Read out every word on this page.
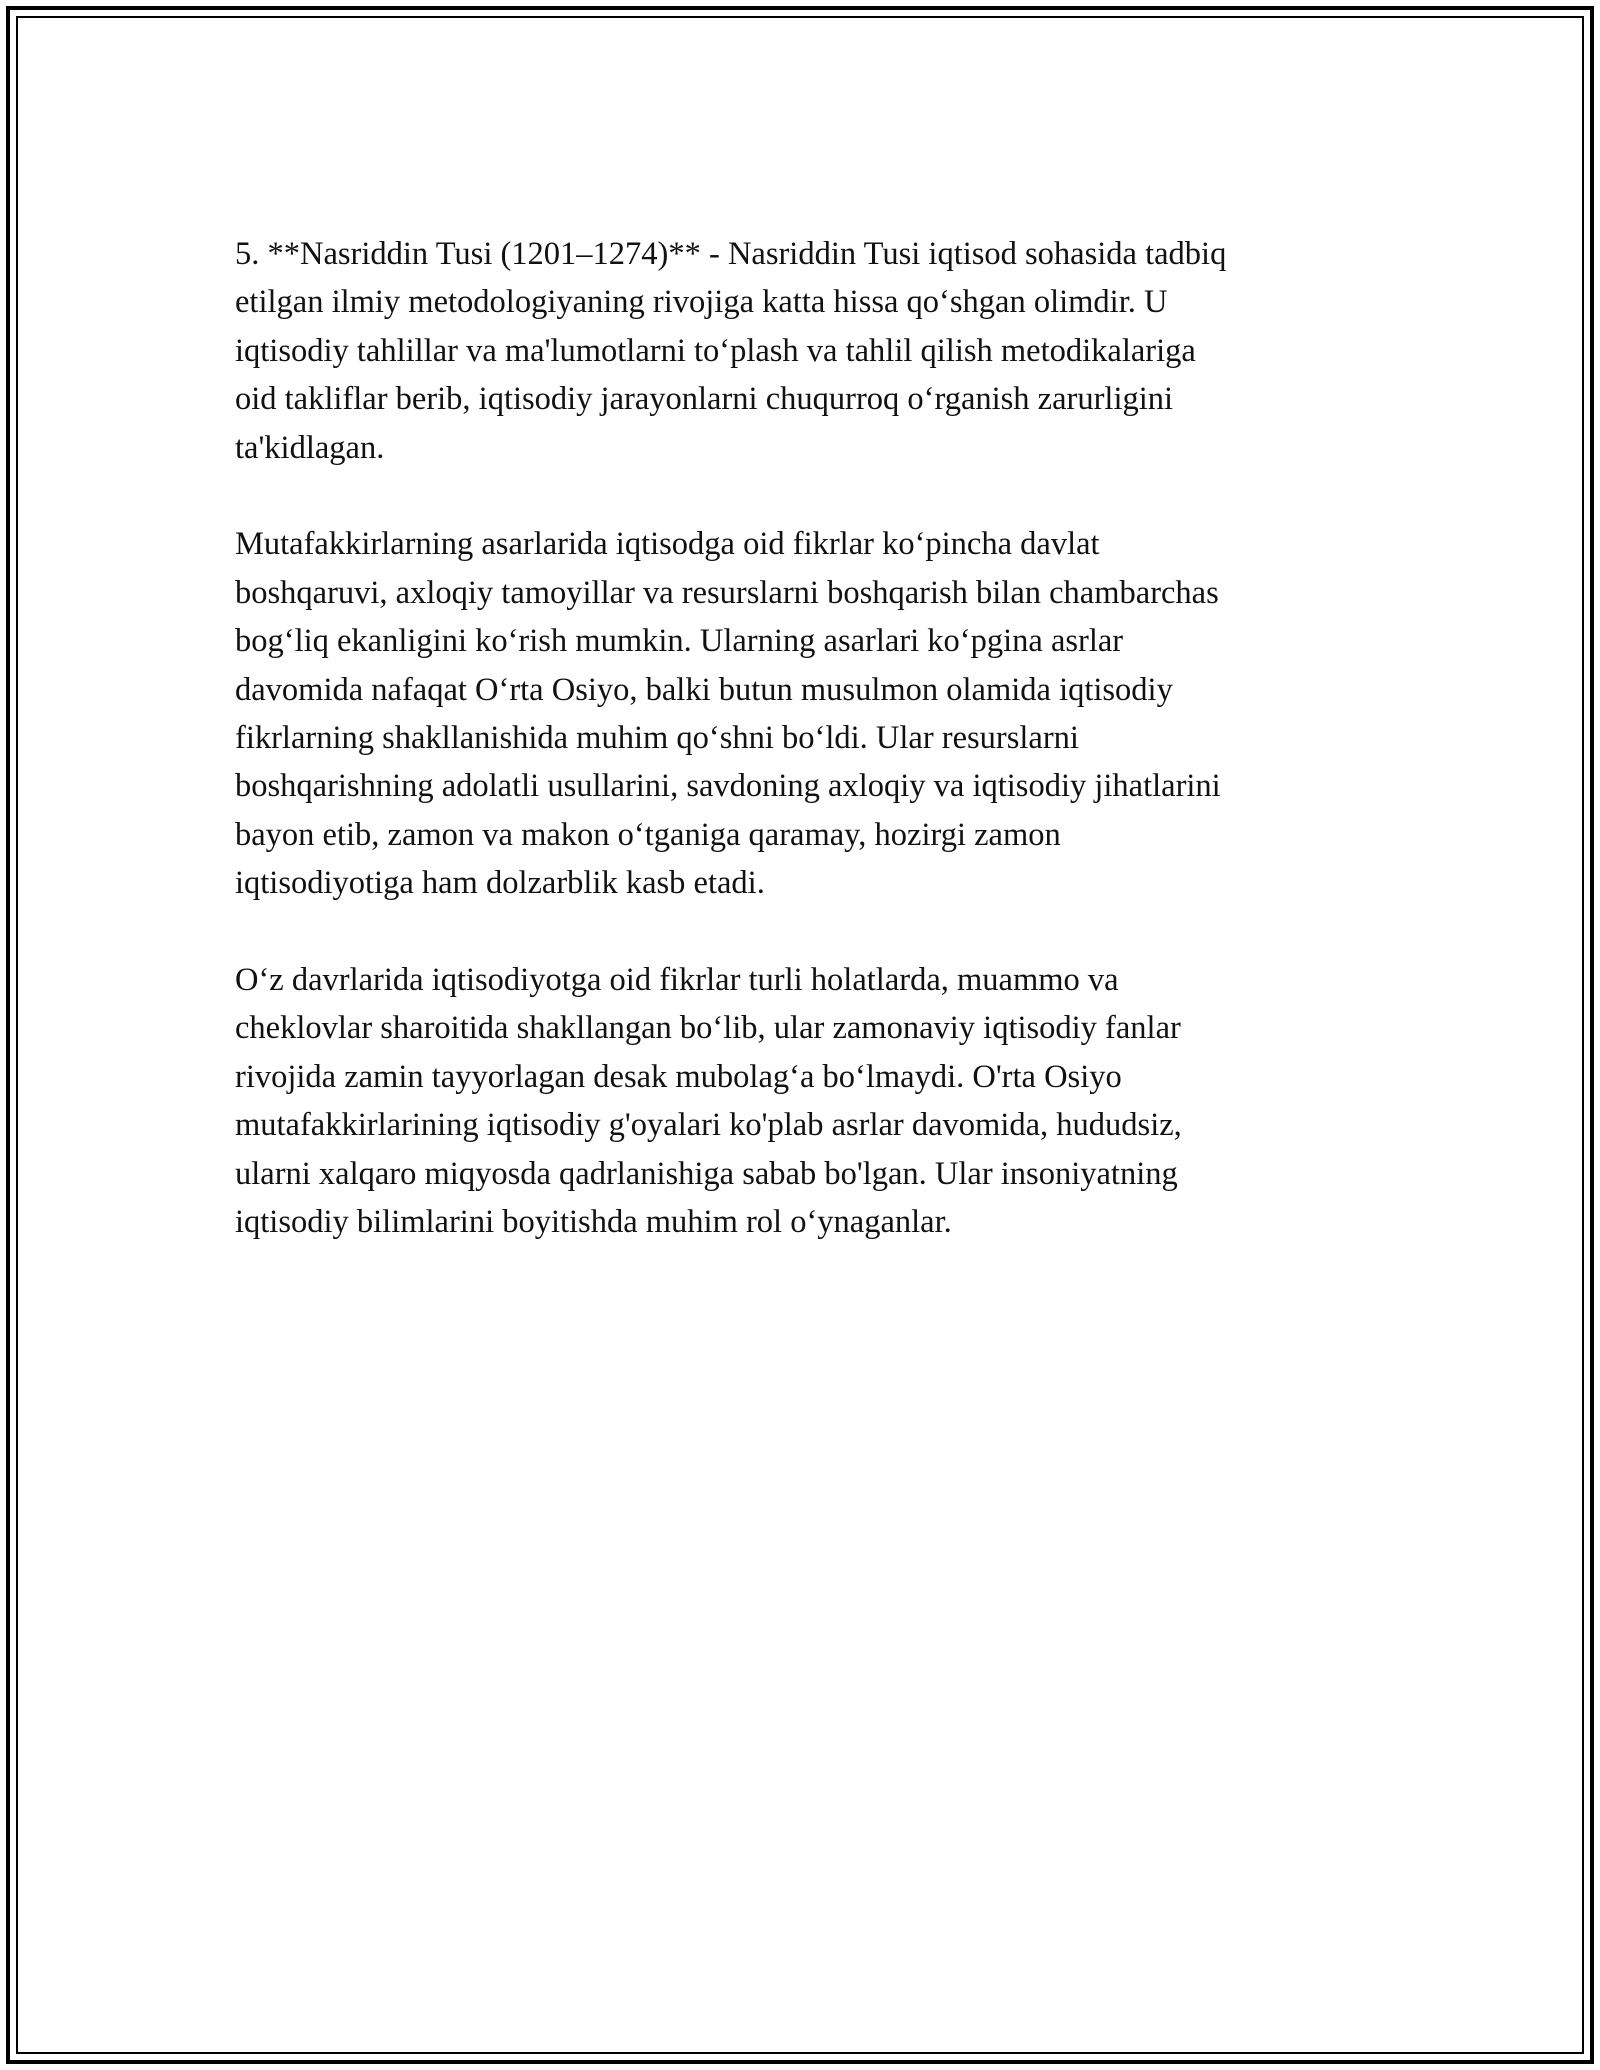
5. **Nasriddin Tusi (1201–1274)** - Nasriddin Tusi iqtisod sohasida tadbiq
etilgan ilmiy metodologiyaning rivojiga katta hissa qo‘shgan olimdir. U
iqtisodiy tahlillar va ma'lumotlarni to‘plash va tahlil qilish metodikalariga
oid takliflar berib, iqtisodiy jarayonlarni chuqurroq o‘rganish zarurligini
ta'kidlagan.

Mutafakkirlarning asarlarida iqtisodga oid fikrlar ko‘pincha davlat
boshqaruvi, axloqiy tamoyillar va resurslarni boshqarish bilan chambarchas
bog‘liq ekanligini ko‘rish mumkin. Ularning asarlari ko‘pgina asrlar
davomida nafaqat O‘rta Osiyo, balki butun musulmon olamida iqtisodiy
fikrlarning shakllanishida muhim qo‘shni bo‘ldi. Ular resurslarni
boshqarishning adolatli usullarini, savdoning axloqiy va iqtisodiy jihatlarini
bayon etib, zamon va makon o‘tganiga qaramay, hozirgi zamon
iqtisodiyotiga ham dolzarblik kasb etadi.

O‘z davrlarida iqtisodiyotga oid fikrlar turli holatlarda, muammo va
cheklovlar sharoitida shakllangan bo‘lib, ular zamonaviy iqtisodiy fanlar
rivojida zamin tayyorlagan desak mubolag‘a bo‘lmaydi. O'rta Osiyo
mutafakkirlarining iqtisodiy g'oyalari ko'plab asrlar davomida, hududsiz,
ularni xalqaro miqyosda qadrlanishiga sabab bo'lgan. Ular insoniyatning
iqtisodiy bilimlarini boyitishda muhim rol o‘ynaganlar.
